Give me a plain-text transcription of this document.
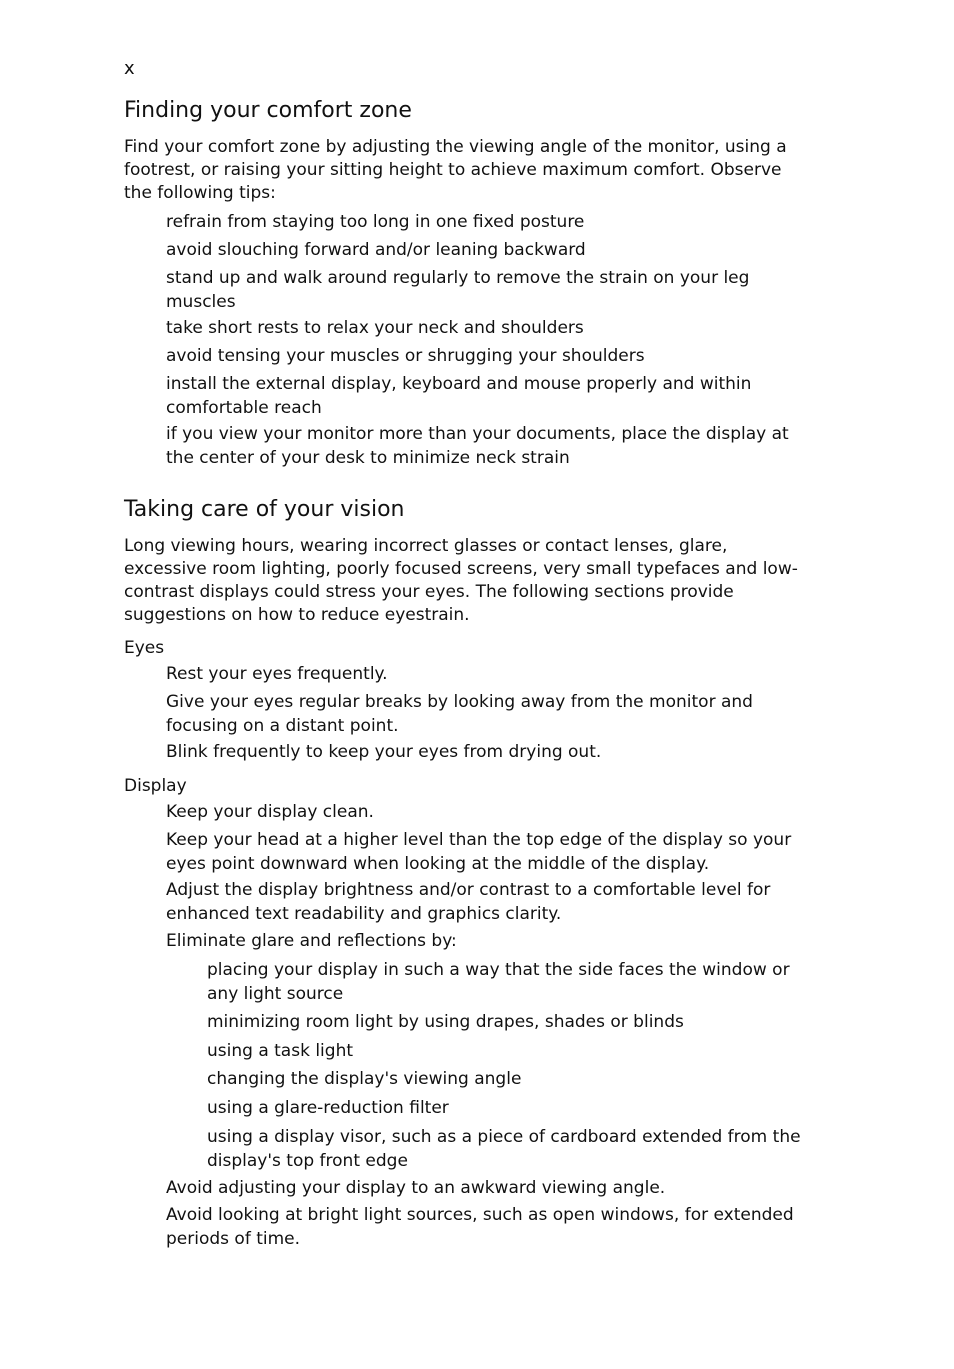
x
Finding your comfort zone
Find your comfort zone by adjusting the viewing angle of the monitor, using a footrest, or raising your sitting height to achieve maximum comfort. Observe the following tips:
refrain from staying too long in one fixed posture
avoid slouching forward and/or leaning backward
stand up and walk around regularly to remove the strain on your leg muscles
take short rests to relax your neck and shoulders
avoid tensing your muscles or shrugging your shoulders
install the external display, keyboard and mouse properly and within comfortable reach
if you view your monitor more than your documents, place the display at the center of your desk to minimize neck strain
Taking care of your vision
Long viewing hours, wearing incorrect glasses or contact lenses, glare, excessive room lighting, poorly focused screens, very small typefaces and low-contrast displays could stress your eyes. The following sections provide suggestions on how to reduce eyestrain.
Eyes
Rest your eyes frequently.
Give your eyes regular breaks by looking away from the monitor and focusing on a distant point.
Blink frequently to keep your eyes from drying out.
Display
Keep your display clean.
Keep your head at a higher level than the top edge of the display so your eyes point downward when looking at the middle of the display.
Adjust the display brightness and/or contrast to a comfortable level for enhanced text readability and graphics clarity.
Eliminate glare and reflections by:
placing your display in such a way that the side faces the window or any light source
minimizing room light by using drapes, shades or blinds
using a task light
changing the display's viewing angle
using a glare-reduction filter
using a display visor, such as a piece of cardboard extended from the display's top front edge
Avoid adjusting your display to an awkward viewing angle.
Avoid looking at bright light sources, such as open windows, for extended periods of time.
